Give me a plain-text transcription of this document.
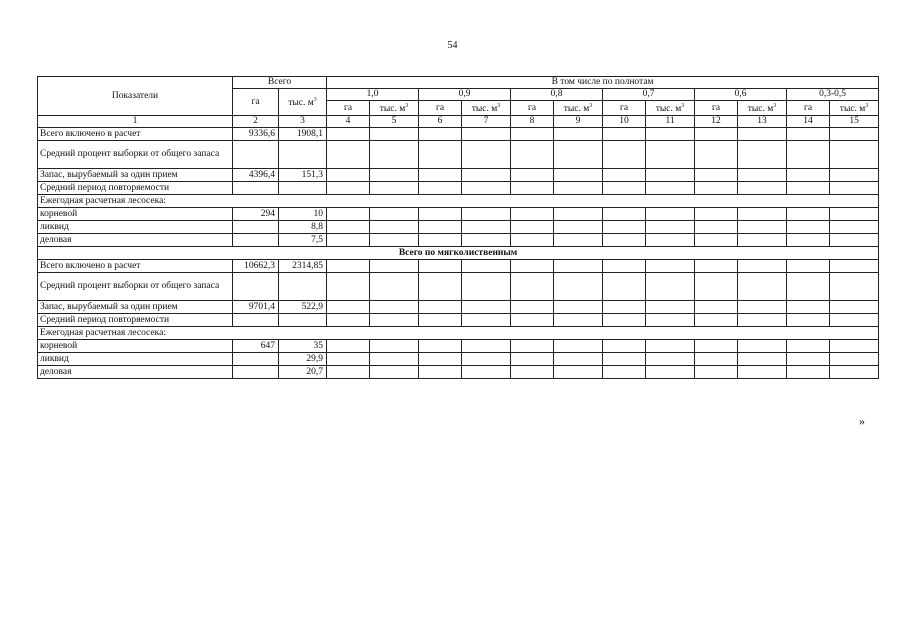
54
Показатели	Всего		В том числе по полнотам											
	га	тыс. $м^3$	1,0		0,9		0,8		0,7		0,6		0,3-0,5	
			га	тыс. $м^3$	га	тыс. $м^3$	га	тыс. $м^3$	га	тыс. $м^3$	га	тыс. $м^3$	га	тыс. $м^3$
1	2	3	4	5	6	7	8	9	10	11	12	13	14	15
Всего включено в расчет	9336,6	1908,1												
Средний процент выборки от общего запаса														
Запас, вырубаемый за один прием	4396,4	151,3												
Средний период повторяемости														
Ежегодная расчетная лесосека:														
корневой	294	10												
ликвид		8,8												
деловая		7,5												
Всего по мягколиственным														
Всего включено в расчет	10662,3	2314,85												
Средний процент выборки от общего запаса														
Запас, вырубаемый за один прием	9701,4	522,9												
Средний период повторяемости														
Ежегодная расчетная лесосека:														
корневой	647	35												
ликвид		29,9												
деловая		20,7												
»
